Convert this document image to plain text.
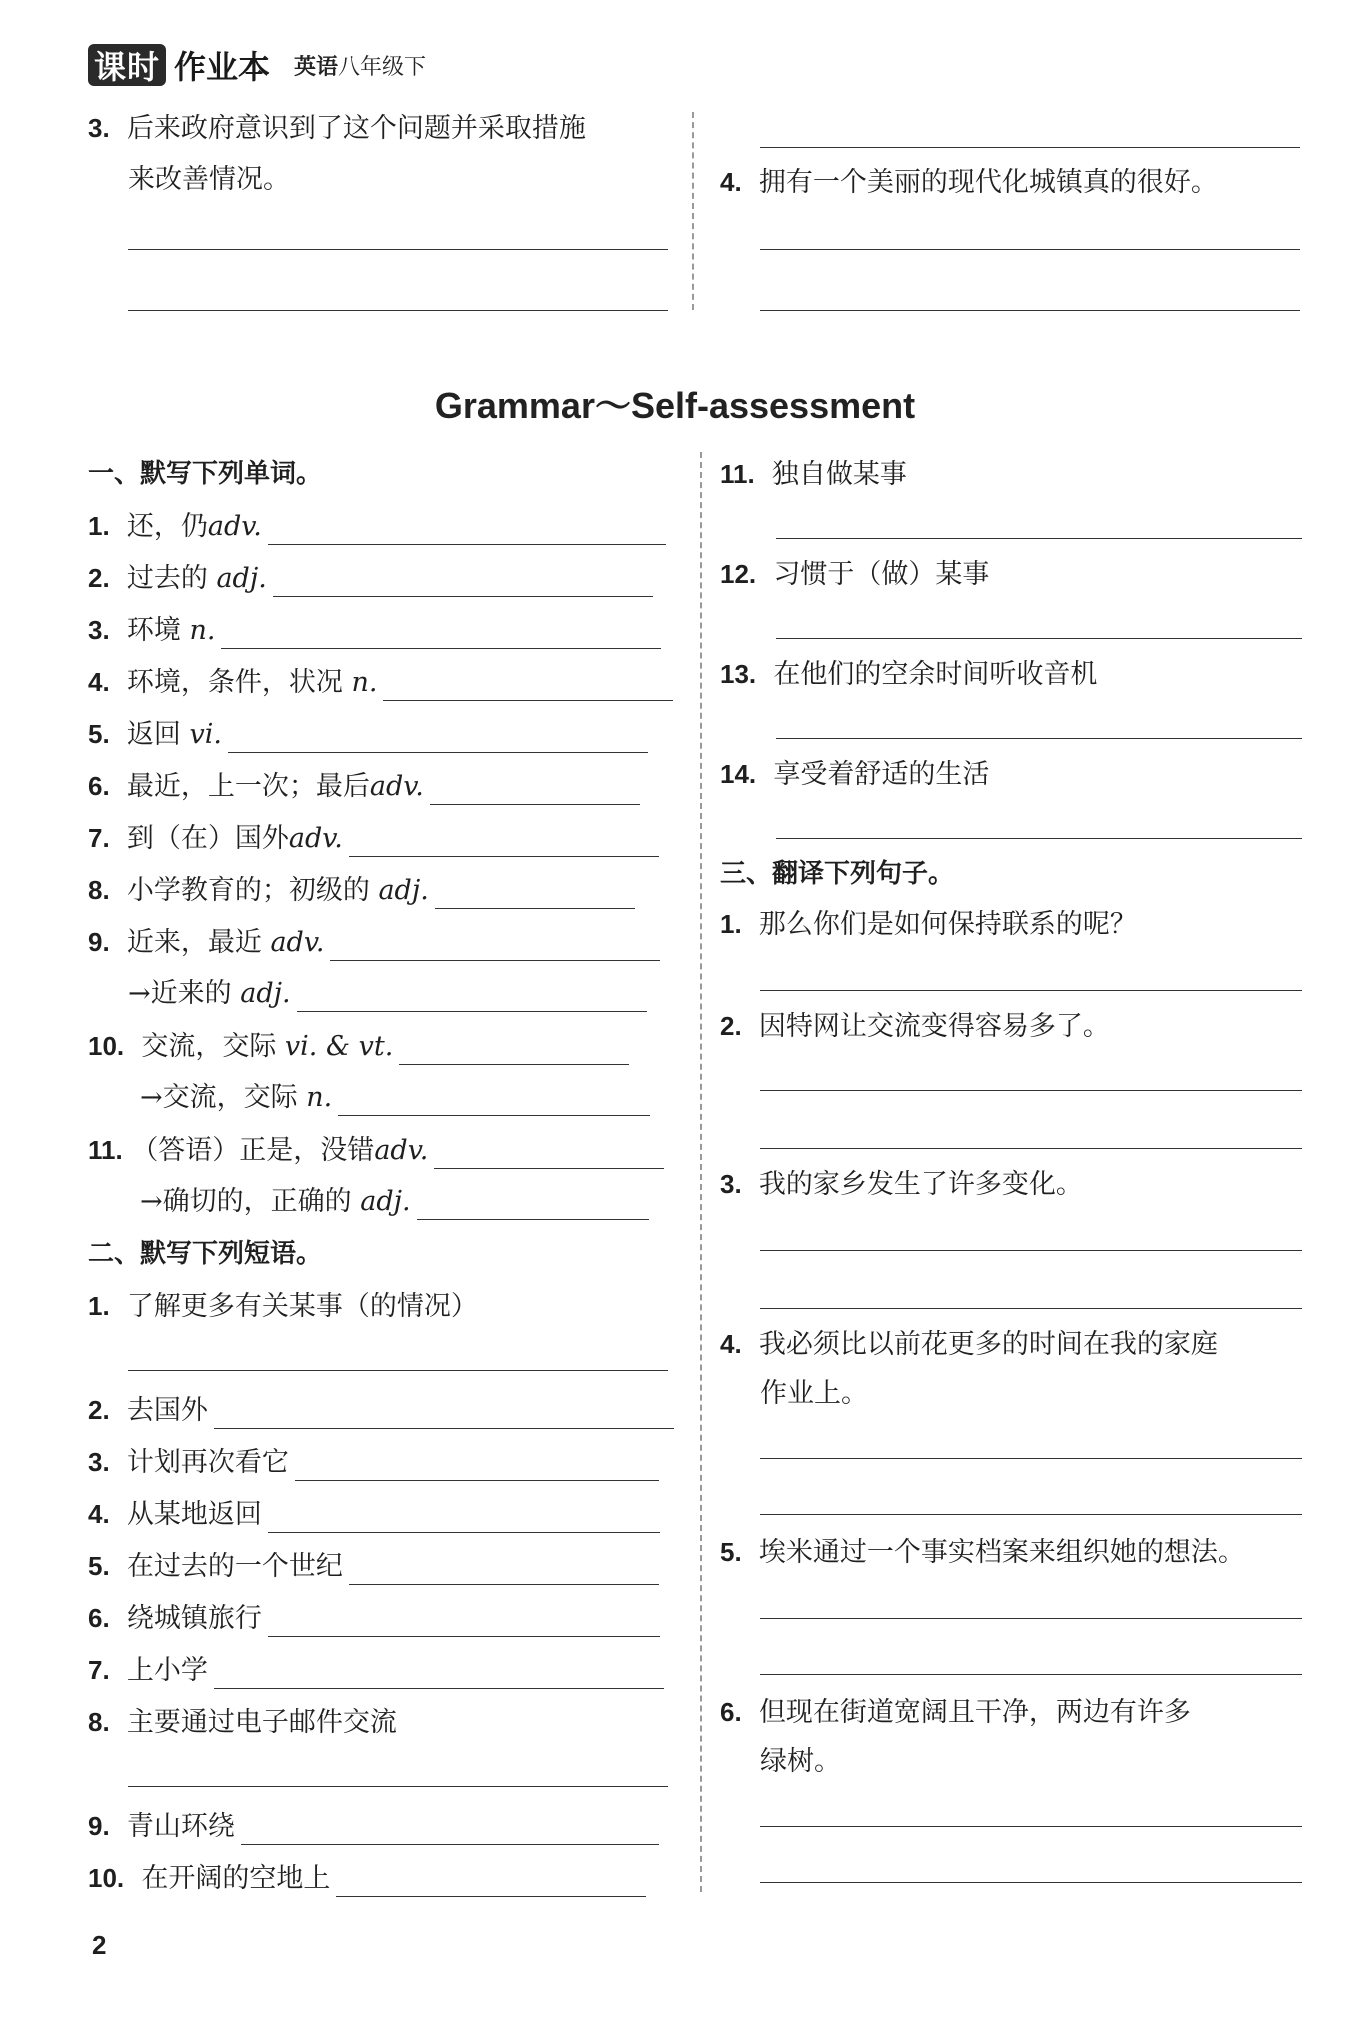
课时 作业本 英语八年级下
3. 后来政府意识到了这个问题并采取措施
来改善情况。	4. 拥有一个美丽的现代化城镇真的很好。
Grammar～Self-assessment
一、默写下列单词。
1. 还，仍adv.
2. 过去的 adj.
3. 环境 n.
4. 环境，条件，状况 n.
5. 返回 vi.
6. 最近，上一次；最后adv.
7. 到（在）国外adv.
8. 小学教育的；初级的 adj.
9. 近来，最近 adv.
→近来的 adj.
10. 交流，交际 vi. & vt.
→交流，交际 n.
11. （答语）正是，没错adv.
→确切的，正确的 adj.
二、默写下列短语。
1. 了解更多有关某事（的情况）
2. 去国外
3. 计划再次看它
4. 从某地返回
5. 在过去的一个世纪
6. 绕城镇旅行
7. 上小学
8. 主要通过电子邮件交流
9. 青山环绕
10. 在开阔的空地上
11. 独自做某事
12. 习惯于（做）某事
13. 在他们的空余时间听收音机
14. 享受着舒适的生活
三、翻译下列句子。
1. 那么你们是如何保持联系的呢？
2. 因特网让交流变得容易多了。
3. 我的家乡发生了许多变化。
4. 我必须比以前花更多的时间在我的家庭
作业上。
5. 埃米通过一个事实档案来组织她的想法。
6. 但现在街道宽阔且干净，两边有许多
绿树。
2
